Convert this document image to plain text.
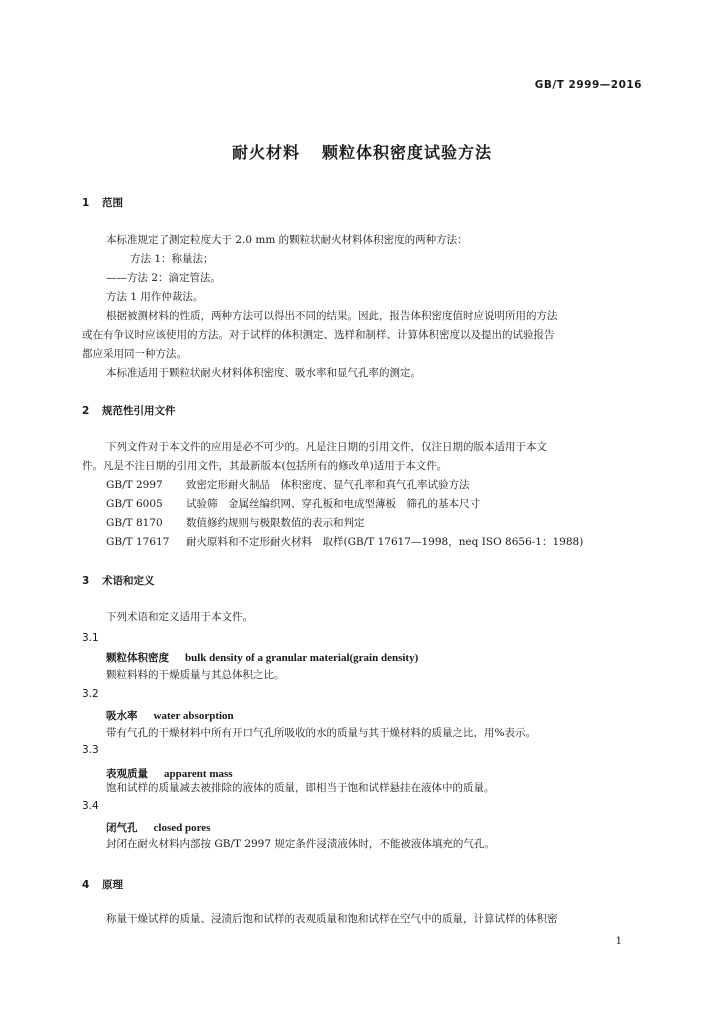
GB/T 2999—2016
耐火材料 颗粒体积密度试验方法
1 范围
本标准规定了测定粒度大于 2.0 mm 的颗粒状耐火材料体积密度的两种方法：
方法 1：称量法；
——方法 2：滴定管法。
方法 1 用作仲裁法。
根据被测材料的性质，两种方法可以得出不同的结果。因此，报告体积密度值时应说明所用的方法
或在有争议时应该使用的方法。对于试样的体积测定、选样和制样、计算体积密度以及提出的试验报告
都应采用同一种方法。
本标准适用于颗粒状耐火材料体积密度、吸水率和显气孔率的测定。
2 规范性引用文件
下列文件对于本文件的应用是必不可少的。凡是注日期的引用文件，仅注日期的版本适用于本文
件。凡是不注日期的引用文件，其最新版本(包括所有的修改单)适用于本文件。
GB/T 2997 致密定形耐火制品　体积密度、显气孔率和真气孔率试验方法
GB/T 6005 试验筛　金属丝编织网、穿孔板和电成型薄板　筛孔的基本尺寸
GB/T 8170 数值修约规则与极限数值的表示和判定
GB/T 17617 耐火原料和不定形耐火材料　取样(GB/T 17617—1998，neq ISO 8656-1：1988)
3 术语和定义
下列术语和定义适用于本文件。
3.1
颗粒体积密度 bulk density of a granular material(grain density)
颗粒料料的干燥质量与其总体积之比。
3.2
吸水率 water absorption
带有气孔的干燥材料中所有开口气孔所吸收的水的质量与其干燥材料的质量之比，用%表示。
3.3
表观质量 apparent mass
饱和试样的质量减去被排除的液体的质量，即相当于饱和试样悬挂在液体中的质量。
3.4
闭气孔 closed pores
封闭在耐火材料内部按 GB/T 2997 规定条件浸渍液体时，不能被液体填充的气孔。
4 原理
称量干燥试样的质量、浸渍后饱和试样的表观质量和饱和试样在空气中的质量，计算试样的体积密
1
